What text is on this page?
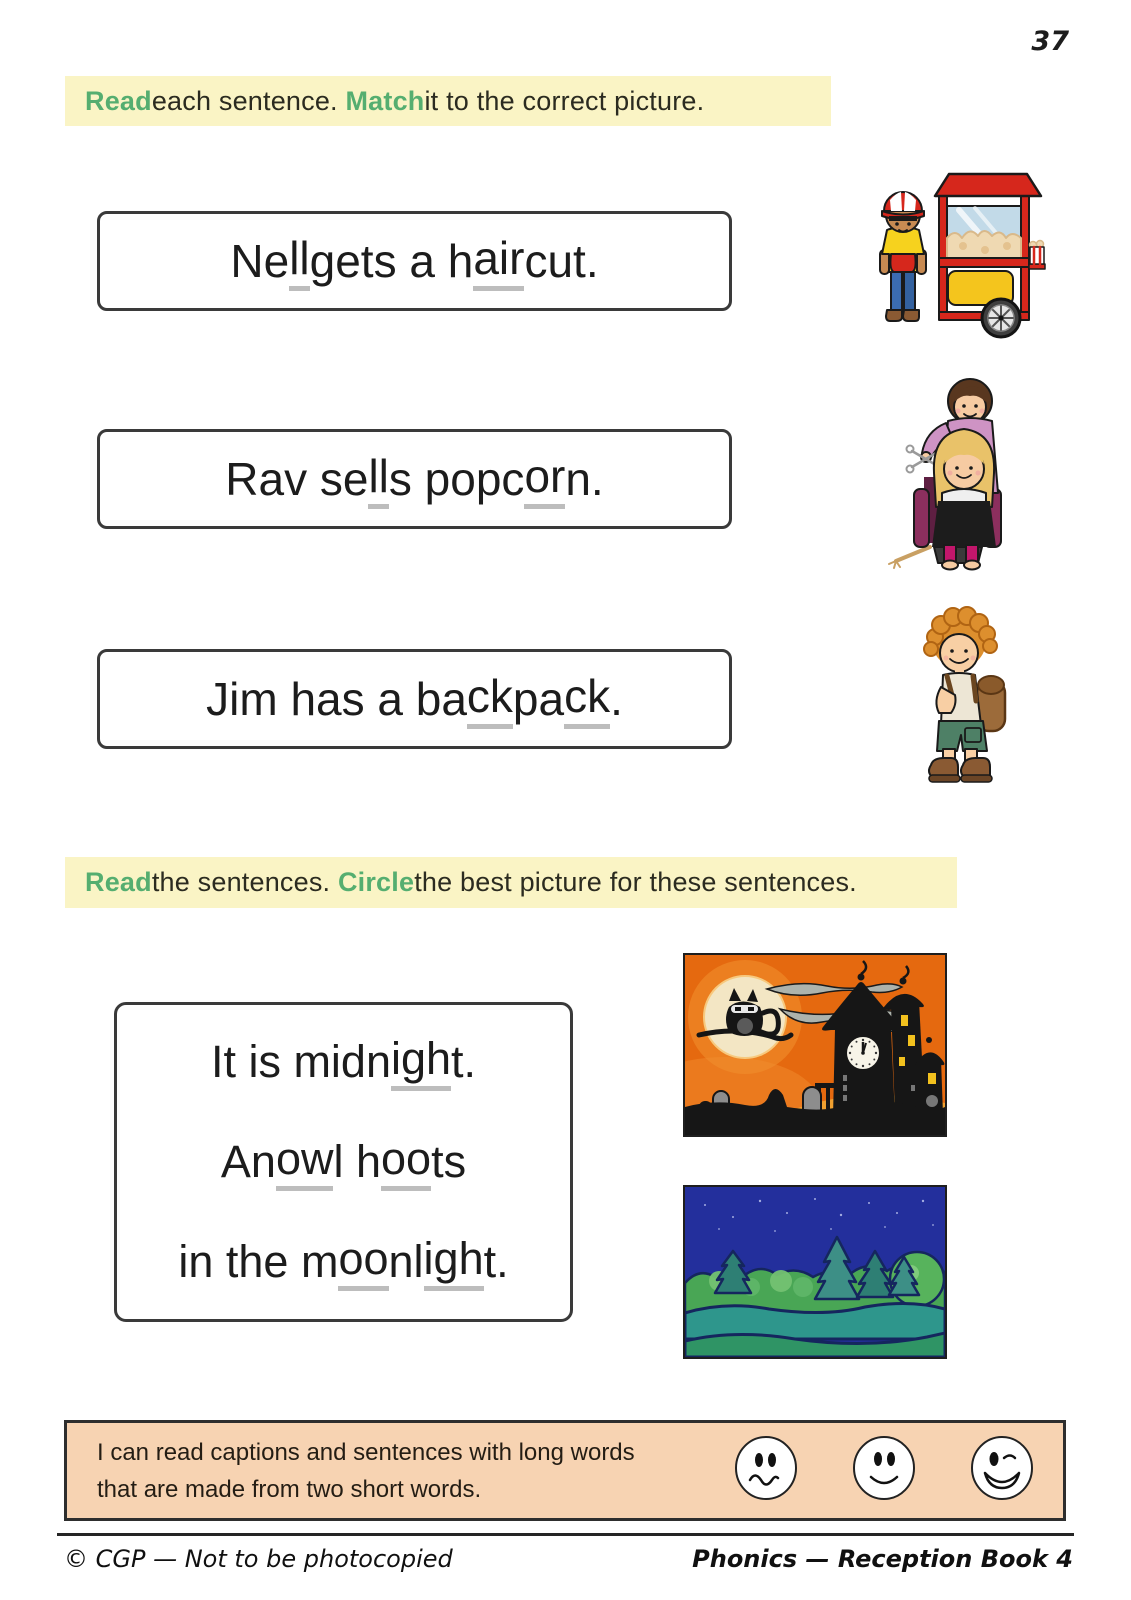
37
Read each sentence. Match it to the correct picture.
Ne ll gets a h air cut.
Rav se ll s popc or n.
Jim has a ba ck pa ck .
Read the sentences. Circle the best picture for these sentences.
It is midn igh t.
An ow l h oo ts
in the m oo nl igh t.
I can read captions and sentences with long words
that are made from two short words.
© CGP — Not to be photocopied	Phonics — Reception Book 4
